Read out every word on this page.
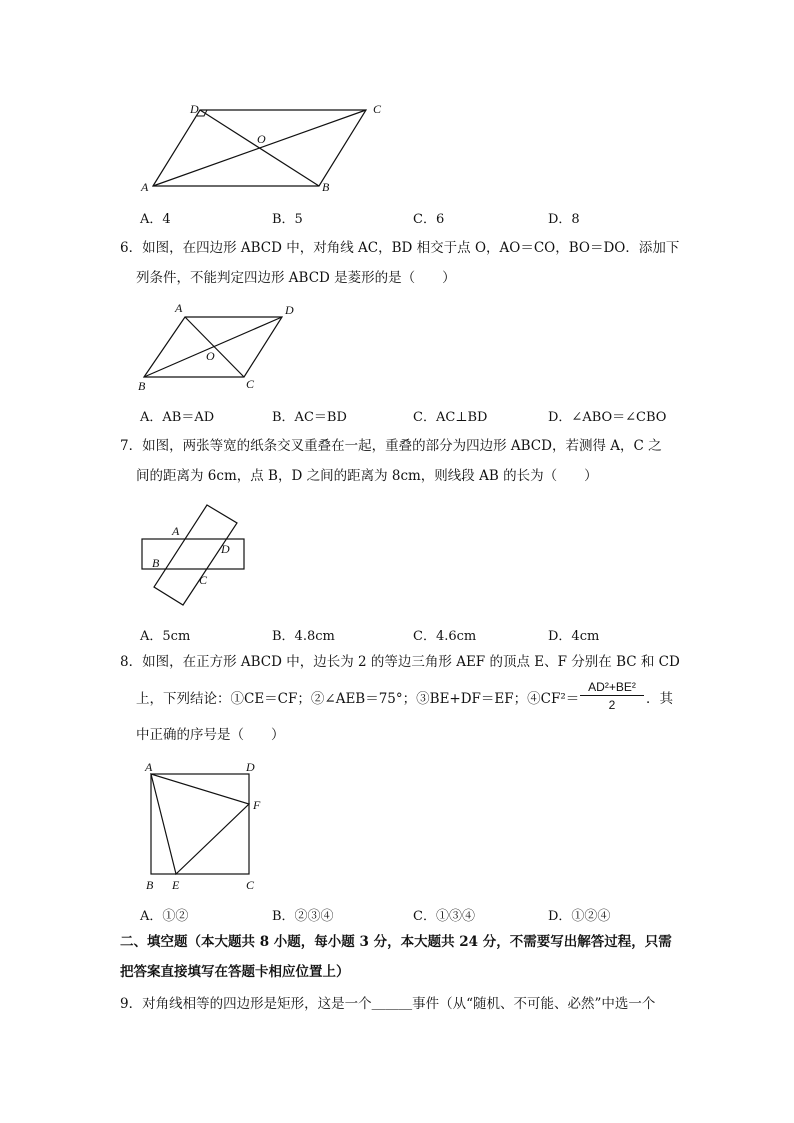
D	C
O
A	B
A．4	B．5	C．6	D．8
6．如图，在四边形 ABCD 中，对角线 AC，BD 相交于点 O，AO＝CO，BO＝DO．添加下
列条件，不能判定四边形 ABCD 是菱形的是（　　）
A	D
O
B	C
A．AB＝AD	B．AC＝BD	C．AC⊥BD	D．∠ABO＝∠CBO
7．如图，两张等宽的纸条交叉重叠在一起，重叠的部分为四边形 ABCD，若测得 A，C 之
间的距离为 6cm，点 B，D 之间的距离为 8cm，则线段 AB 的长为（　　）
A
D
B
C
A．5cm	B．4.8cm	C．4.6cm	D．4cm
8．如图，在正方形 ABCD 中，边长为 2 的等边三角形 AEF 的顶点 E、F 分别在 BC 和 CD
上，下列结论：①CE＝CF；②∠AEB＝75°；③BE+DF＝EF；④CF²＝ $\frac{\text{AD²+BE²}}{2}$ ．其
中正确的序号是（　　）
A	D
F
B E	C
A．①②	B．②③④	C．①③④	D．①②④
二、填空题（本大题共 8 小题，每小题 3 分，本大题共 24 分，不需要写出解答过程，只需
把答案直接填写在答题卡相应位置上）
9．对角线相等的四边形是矩形，这是一个＿＿＿事件（从“随机、不可能、必然”中选一个
